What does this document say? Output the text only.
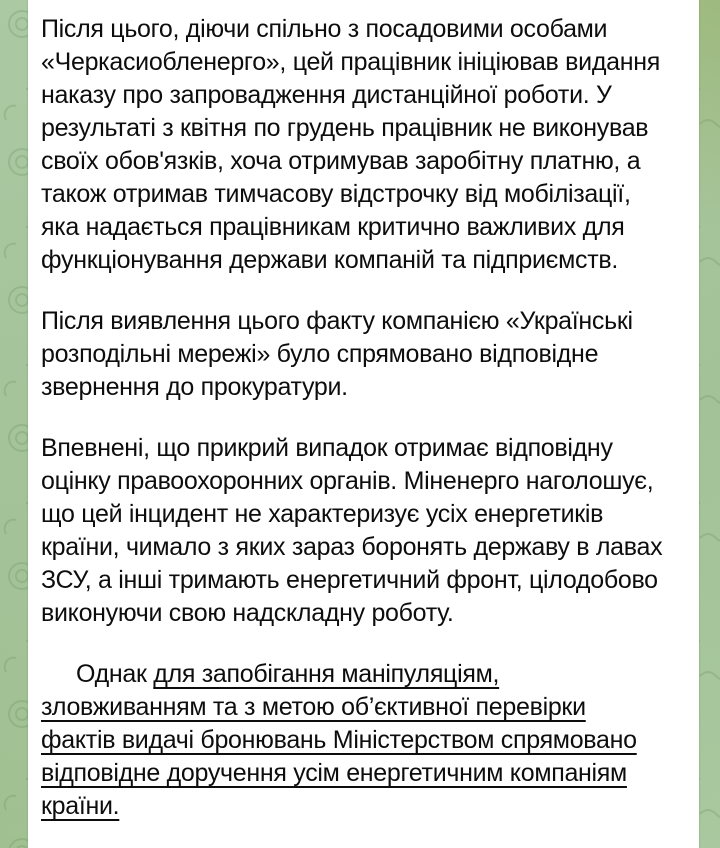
Після цього, діючи спільно з посадовими особами
«Черкасиобленерго», цей працівник ініціював видання
наказу про запровадження дистанційної роботи. У
результаті з квітня по грудень працівник не виконував
своїх обов'язків, хоча отримував заробітну платню, а
також отримав тимчасову відстрочку від мобілізації,
яка надається працівникам критично важливих для
функціонування держави компаній та підприємств.
Після виявлення цього факту компанією «Українські
розподільні мережі» було спрямовано відповідне
звернення до прокуратури.
Впевнені, що прикрий випадок отримає відповідну
оцінку правоохоронних органів. Міненерго наголошує,
що цей інцидент не характеризує усіх енергетиків
країни, чимало з яких зараз боронять державу в лавах
ЗСУ, а інші тримають енергетичний фронт, цілодобово
виконуючи свою надскладну роботу.
Однак для запобігання маніпуляціям,
зловживанням та з метою об’єктивної перевірки
фактів видачі бронювань Міністерством спрямовано
відповідне доручення усім енергетичним компаніям
країни.
